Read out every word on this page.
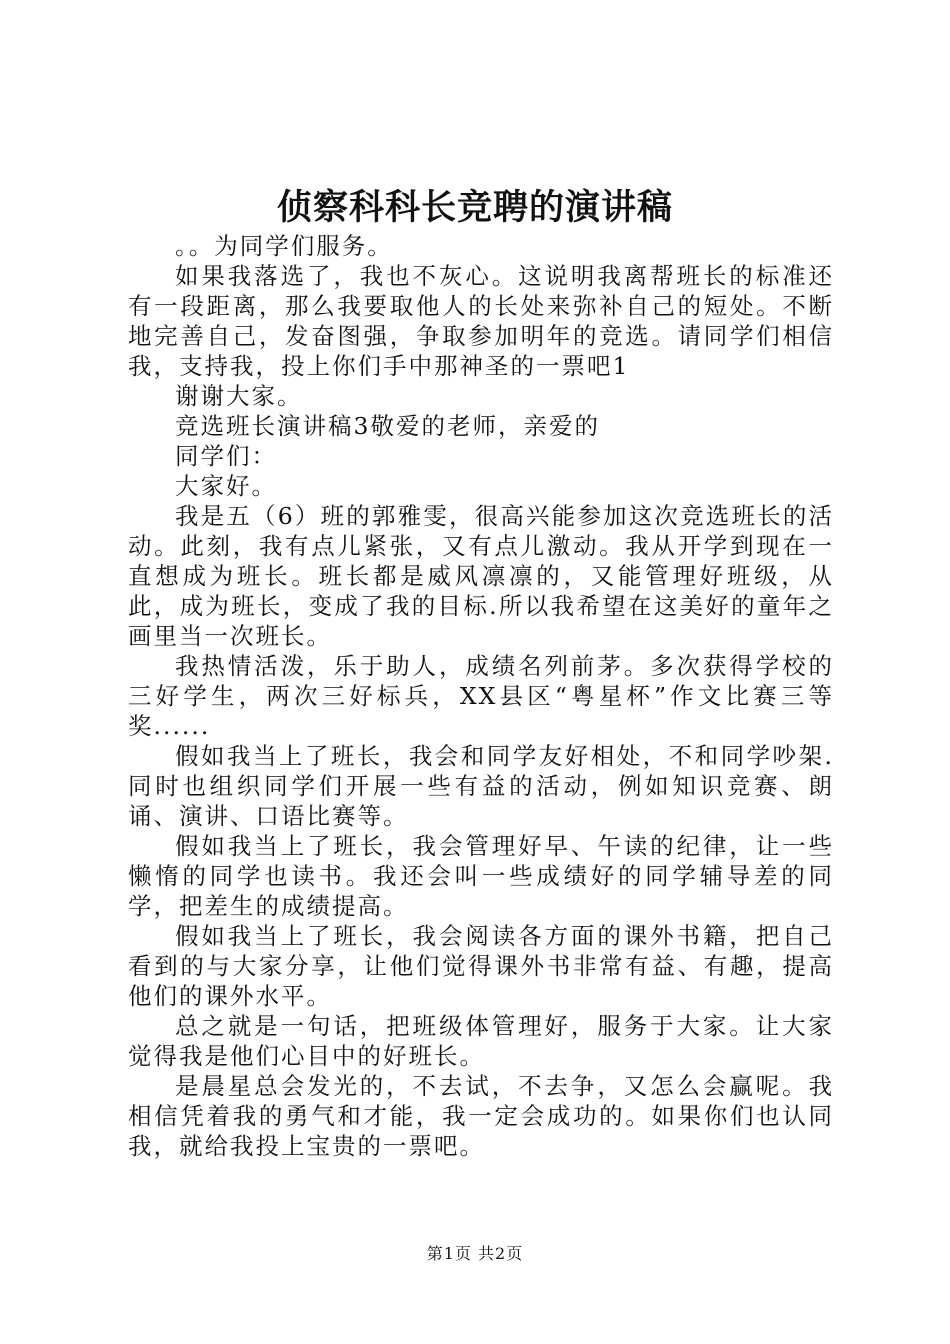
侦察科科长竞聘的演讲稿

。。为同学们服务。

如果我落选了，我也不灰心。这说明我离帮班长的标准还有一段距离，那么我要取他人的长处来弥补自己的短处。不断地完善自己，发奋图强，争取参加明年的竞选。请同学们相信我，支持我，投上你们手中那神圣的一票吧1

谢谢大家。

竞选班长演讲稿3敬爱的老师，亲爱的

同学们：

大家好。

我是五（6）班的郭雅雯，很高兴能参加这次竞选班长的活动。此刻，我有点儿紧张，又有点儿激动。我从开学到现在一直想成为班长。班长都是威风凛凛的，又能管理好班级，从此，成为班长，变成了我的目标.所以我希望在这美好的童年之画里当一次班长。

我热情活泼，乐于助人，成绩名列前茅。多次获得学校的三好学生，两次三好标兵，XX县区“粤星杯”作文比赛三等奖......

假如我当上了班长，我会和同学友好相处，不和同学吵架.同时也组织同学们开展一些有益的活动，例如知识竞赛、朗诵、演讲、口语比赛等。

假如我当上了班长，我会管理好早、午读的纪律，让一些懒惰的同学也读书。我还会叫一些成绩好的同学辅导差的同学，把差生的成绩提高。

假如我当上了班长，我会阅读各方面的课外书籍，把自己看到的与大家分享，让他们觉得课外书非常有益、有趣，提高他们的课外水平。

总之就是一句话，把班级体管理好，服务于大家。让大家觉得我是他们心目中的好班长。

是晨星总会发光的，不去试，不去争，又怎么会赢呢。我相信凭着我的勇气和才能，我一定会成功的。如果你们也认同我，就给我投上宝贵的一票吧。

第1页 共2页
